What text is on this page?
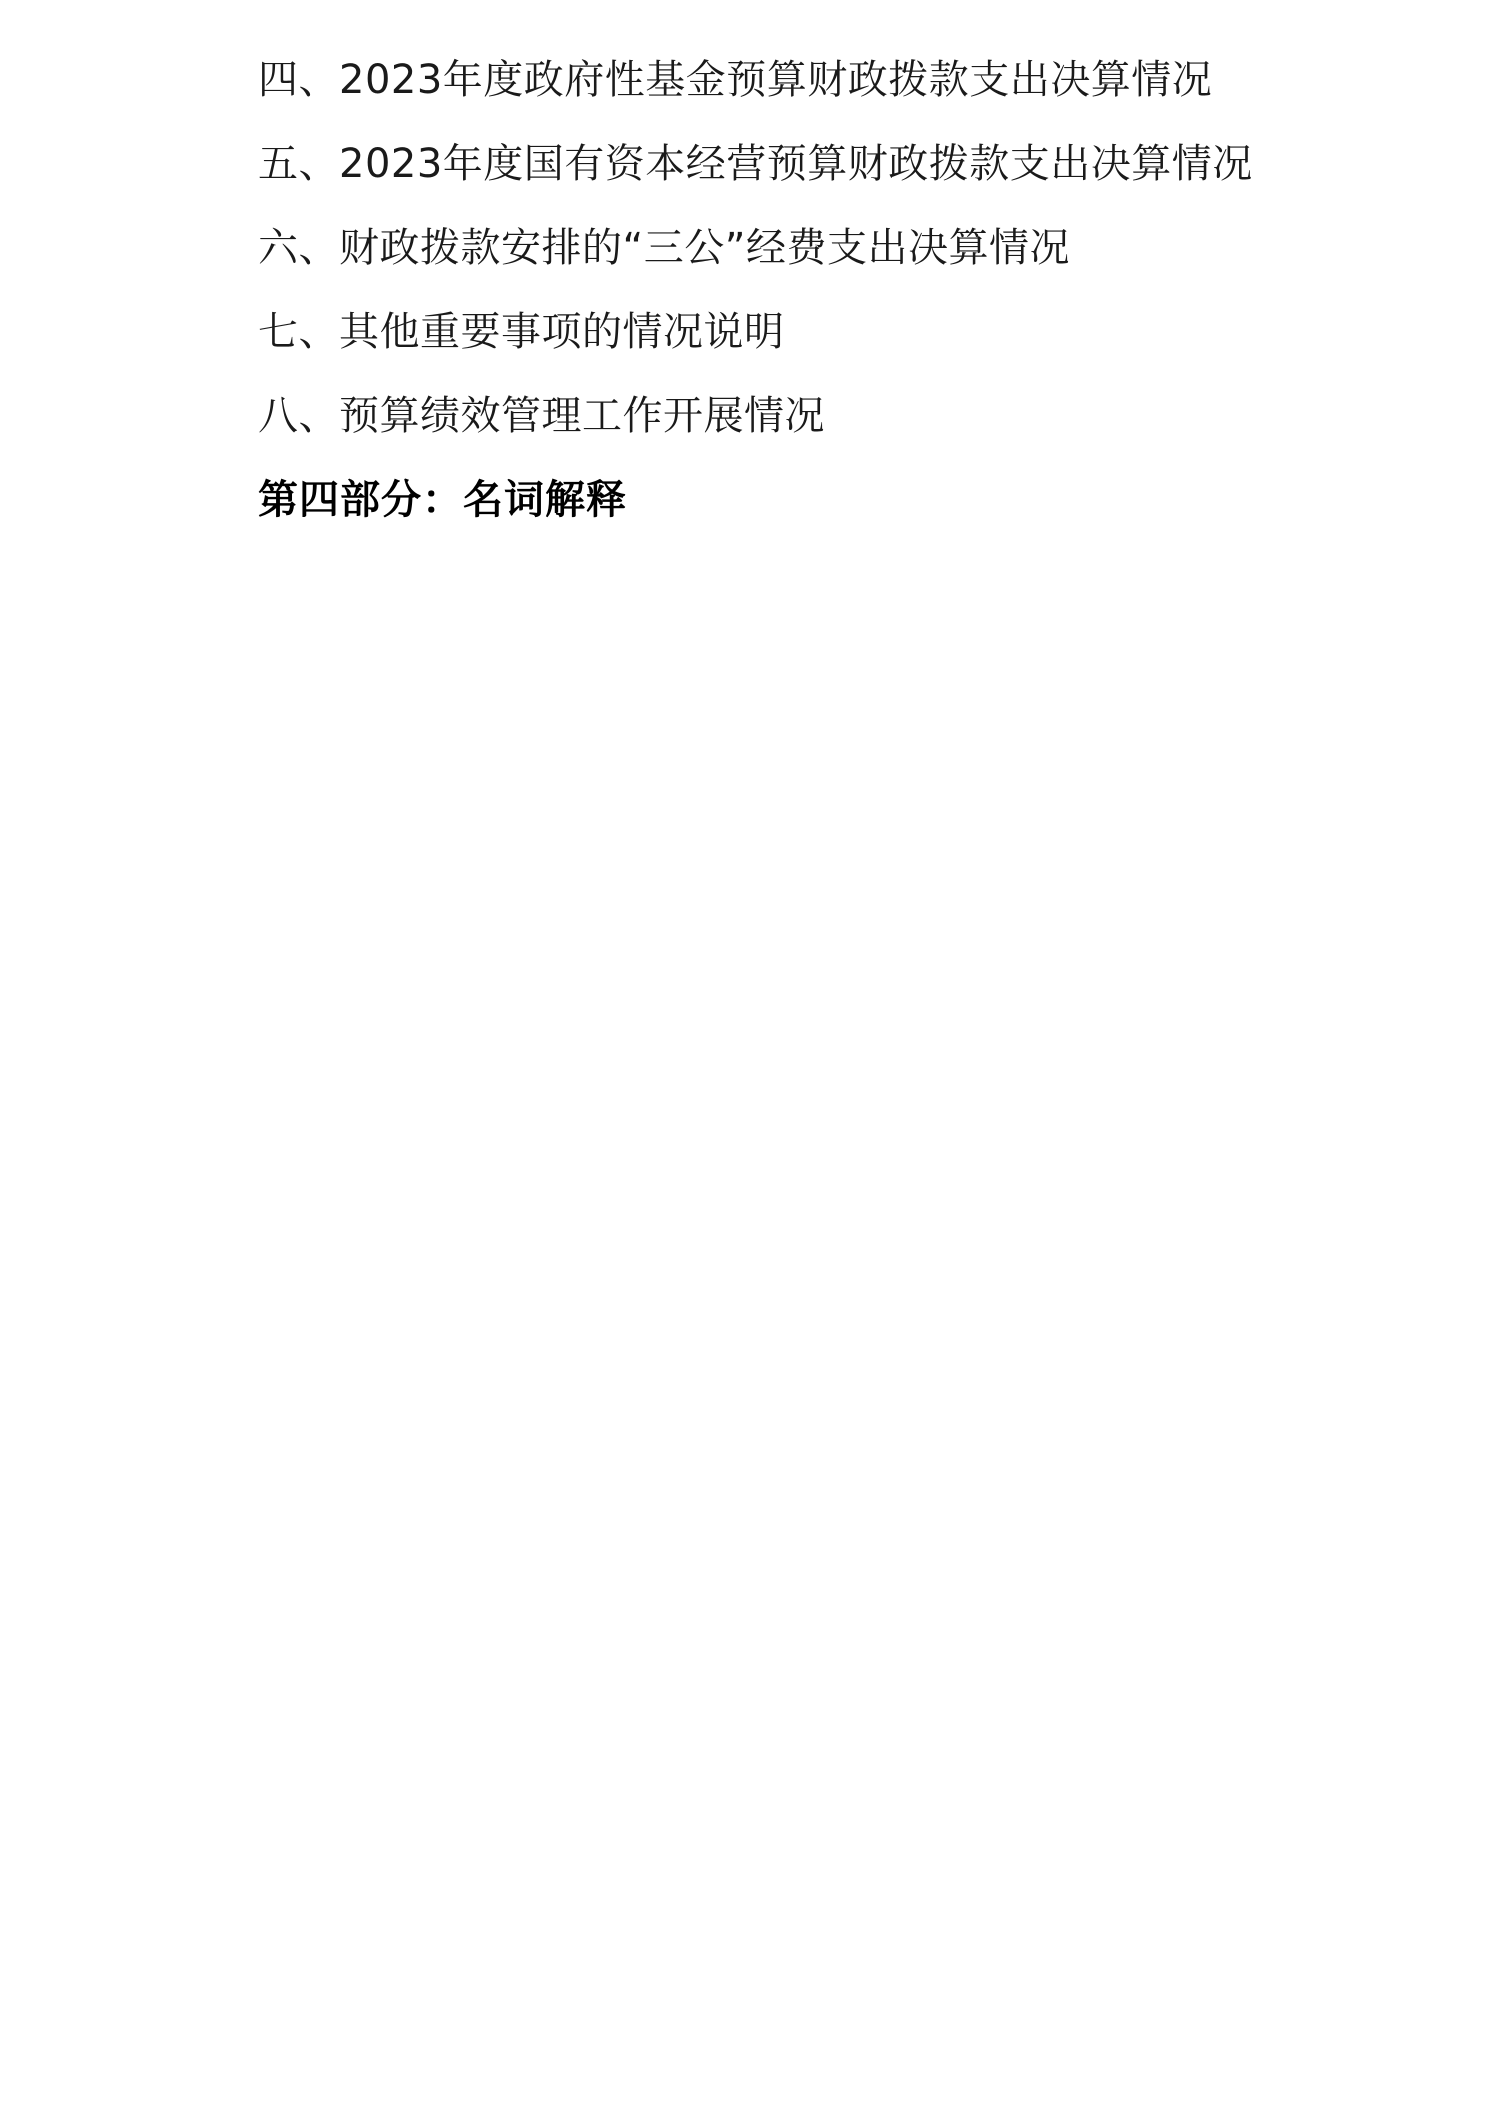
四、2023年度政府性基金预算财政拨款支出决算情况

五、2023年度国有资本经营预算财政拨款支出决算情况

六、财政拨款安排的“三公”经费支出决算情况

七、其他重要事项的情况说明

八、预算绩效管理工作开展情况

第四部分：名词解释
